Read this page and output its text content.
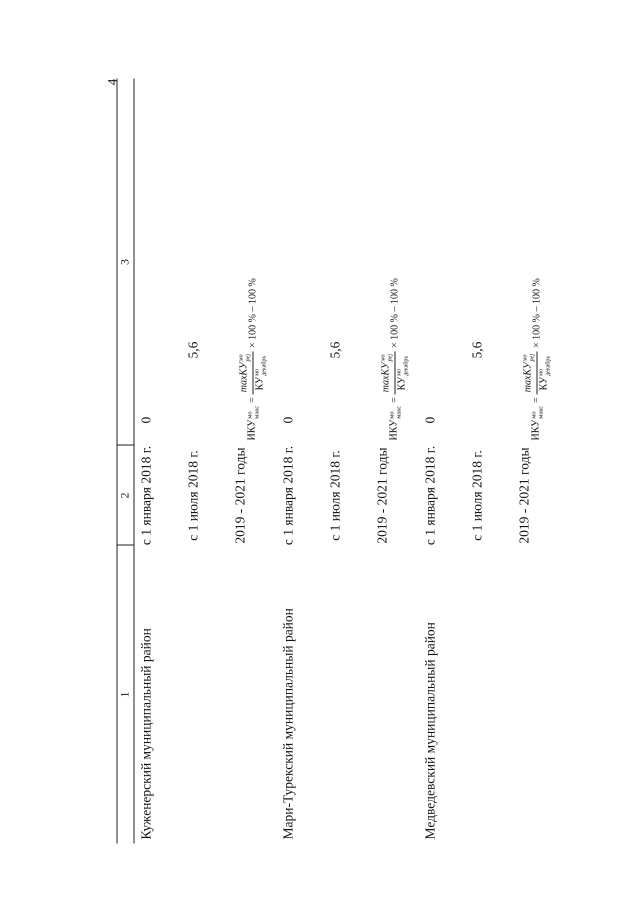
4
1
2
3
Куженерский муниципальный район
с 1 января 2018 г. с 1 июля 2018 г. 2019 - 2021 годы
0
5,6
ИКУ
мо макс
=
maxКУ
мо pej
КУ
мо декабрь
× 100 % – 100 %
Мари-Турекский муниципальный район
с 1 января 2018 г. с 1 июля 2018 г. 2019 - 2021 годы
0
5,6
ИКУ
мо макс
=
maxКУ
мо pej
КУ
мо декабрь
× 100 % – 100 %
Медведевский муниципальный район
с 1 января 2018 г. с 1 июля 2018 г. 2019 - 2021 годы
0
5,6
ИКУ
мо макс
=
maxКУ
мо pej
КУ
мо декабрь
× 100 % – 100 %
